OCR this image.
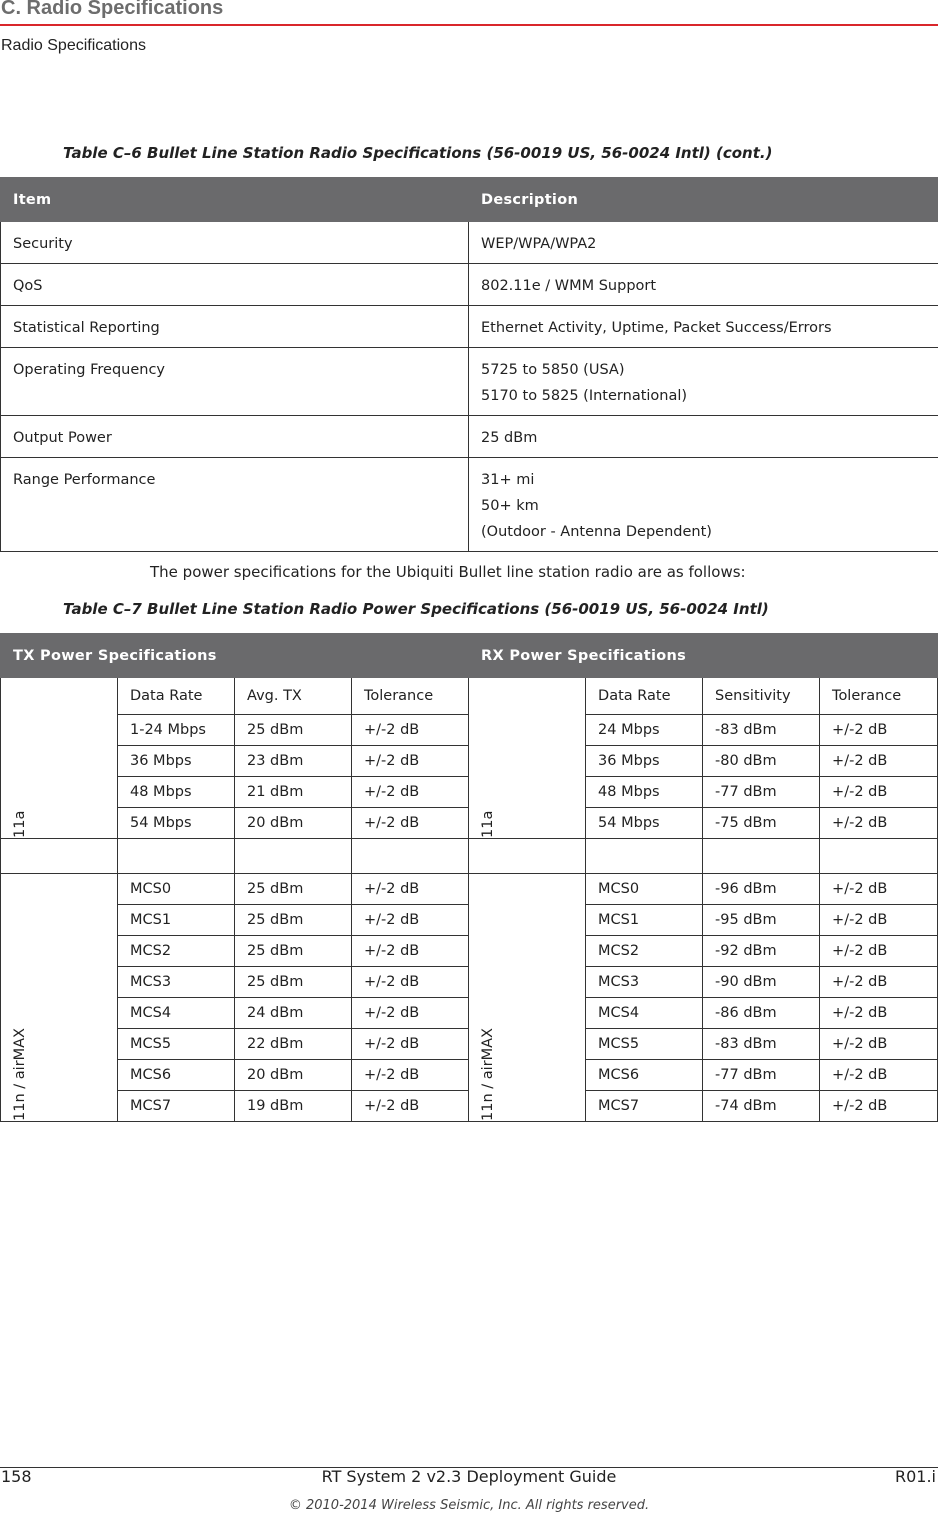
C. Radio Specifications
Radio Specifications
Table C–6 Bullet Line Station Radio Specifications (56-0019 US, 56-0024 Intl) (cont.)
Item	Description
Security	WEP/WPA/WPA2

QoS	802.11e / WMM Support

Statistical Reporting	Ethernet Activity, Uptime, Packet Success/Errors

Operating Frequency	5725 to 5850 (USA)
5170 to 5825 (International)

Output Power	25 dBm

Range Performance	31+ mi
50+ km
(Outdoor - Antenna Dependent)
The power specifications for the Ubiquiti Bullet line station radio are as follows:
Table C–7 Bullet Line Station Radio Power Specifications (56-0019 US, 56-0024 Intl)
TX Power Specifications				RX Power Specifications			

11a	Data Rate	Avg. TX	Tolerance	11a	Data Rate	Sensitivity	Tolerance
	1-24 Mbps	25 dBm	+/-2 dB		24 Mbps	-83 dBm	+/-2 dB
	36 Mbps	23 dBm	+/-2 dB		36 Mbps	-80 dBm	+/-2 dB
	48 Mbps	21 dBm	+/-2 dB		48 Mbps	-77 dBm	+/-2 dB
	54 Mbps	20 dBm	+/-2 dB		54 Mbps	-75 dBm	+/-2 dB

11n / airMAX	MCS0	25 dBm	+/-2 dB	11n / airMAX	MCS0	-96 dBm	+/-2 dB
	MCS1	25 dBm	+/-2 dB		MCS1	-95 dBm	+/-2 dB
	MCS2	25 dBm	+/-2 dB		MCS2	-92 dBm	+/-2 dB
	MCS3	25 dBm	+/-2 dB		MCS3	-90 dBm	+/-2 dB
	MCS4	24 dBm	+/-2 dB		MCS4	-86 dBm	+/-2 dB
	MCS5	22 dBm	+/-2 dB		MCS5	-83 dBm	+/-2 dB
	MCS6	20 dBm	+/-2 dB		MCS6	-77 dBm	+/-2 dB
	MCS7	19 dBm	+/-2 dB		MCS7	-74 dBm	+/-2 dB
158	RT System 2 v2.3 Deployment Guide	R01.i
© 2010-2014 Wireless Seismic, Inc. All rights reserved.
